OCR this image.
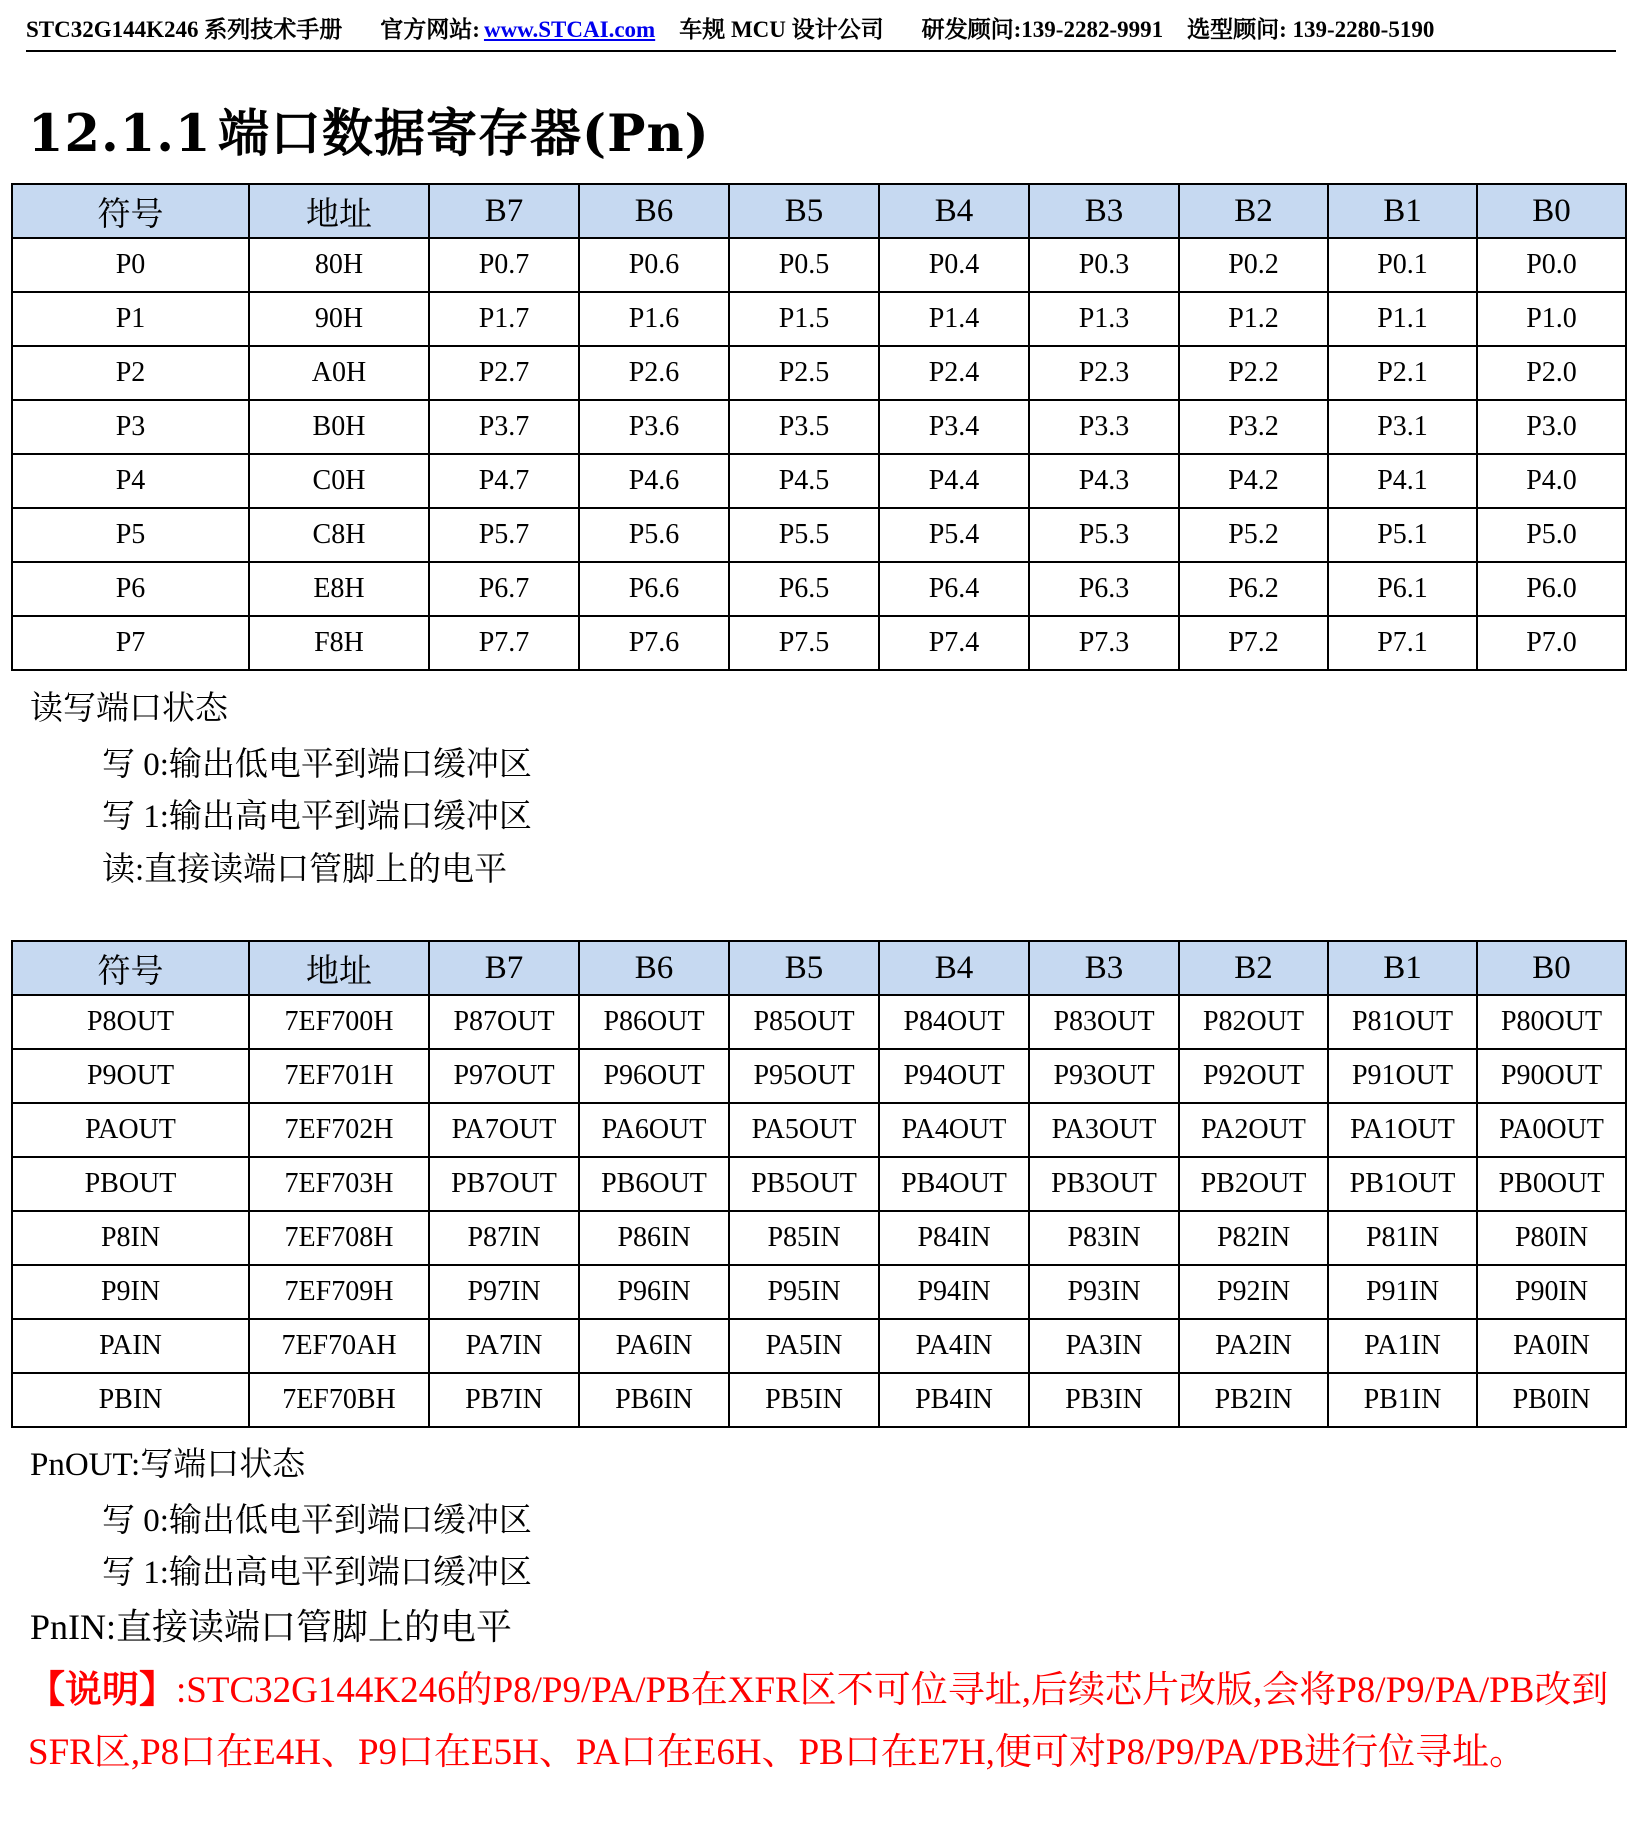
STC32G144K246 系列技术手册 官方网站: www.STCAI.com 车规 MCU 设计公司 研发顾问:139-2282-9991 选型顾问: 139-2280-5190
12.1.1 端口数据寄存器(Pn)
符号	地址	B7	B6	B5	B4	B3	B2	B1	B0
P0	80H	P0.7	P0.6	P0.5	P0.4	P0.3	P0.2	P0.1	P0.0
P1	90H	P1.7	P1.6	P1.5	P1.4	P1.3	P1.2	P1.1	P1.0
P2	A0H	P2.7	P2.6	P2.5	P2.4	P2.3	P2.2	P2.1	P2.0
P3	B0H	P3.7	P3.6	P3.5	P3.4	P3.3	P3.2	P3.1	P3.0
P4	C0H	P4.7	P4.6	P4.5	P4.4	P4.3	P4.2	P4.1	P4.0
P5	C8H	P5.7	P5.6	P5.5	P5.4	P5.3	P5.2	P5.1	P5.0
P6	E8H	P6.7	P6.6	P6.5	P6.4	P6.3	P6.2	P6.1	P6.0
P7	F8H	P7.7	P7.6	P7.5	P7.4	P7.3	P7.2	P7.1	P7.0
读写端口状态
写 0:输出低电平到端口缓冲区
写 1:输出高电平到端口缓冲区
读:直接读端口管脚上的电平
符号	地址	B7	B6	B5	B4	B3	B2	B1	B0
P8OUT	7EF700H	P87OUT	P86OUT	P85OUT	P84OUT	P83OUT	P82OUT	P81OUT	P80OUT
P9OUT	7EF701H	P97OUT	P96OUT	P95OUT	P94OUT	P93OUT	P92OUT	P91OUT	P90OUT
PAOUT	7EF702H	PA7OUT	PA6OUT	PA5OUT	PA4OUT	PA3OUT	PA2OUT	PA1OUT	PA0OUT
PBOUT	7EF703H	PB7OUT	PB6OUT	PB5OUT	PB4OUT	PB3OUT	PB2OUT	PB1OUT	PB0OUT
P8IN	7EF708H	P87IN	P86IN	P85IN	P84IN	P83IN	P82IN	P81IN	P80IN
P9IN	7EF709H	P97IN	P96IN	P95IN	P94IN	P93IN	P92IN	P91IN	P90IN
PAIN	7EF70AH	PA7IN	PA6IN	PA5IN	PA4IN	PA3IN	PA2IN	PA1IN	PA0IN
PBIN	7EF70BH	PB7IN	PB6IN	PB5IN	PB4IN	PB3IN	PB2IN	PB1IN	PB0IN
PnOUT:写端口状态
写 0:输出低电平到端口缓冲区
写 1:输出高电平到端口缓冲区
PnIN:直接读端口管脚上的电平
【说明】:STC32G144K246的P8/P9/PA/PB在XFR区不可位寻址,后续芯片改版,会将P8/P9/PA/PB改到SFR区,P8口在E4H、P9口在E5H、PA口在E6H、PB口在E7H,便可对P8/P9/PA/PB进行位寻址。
